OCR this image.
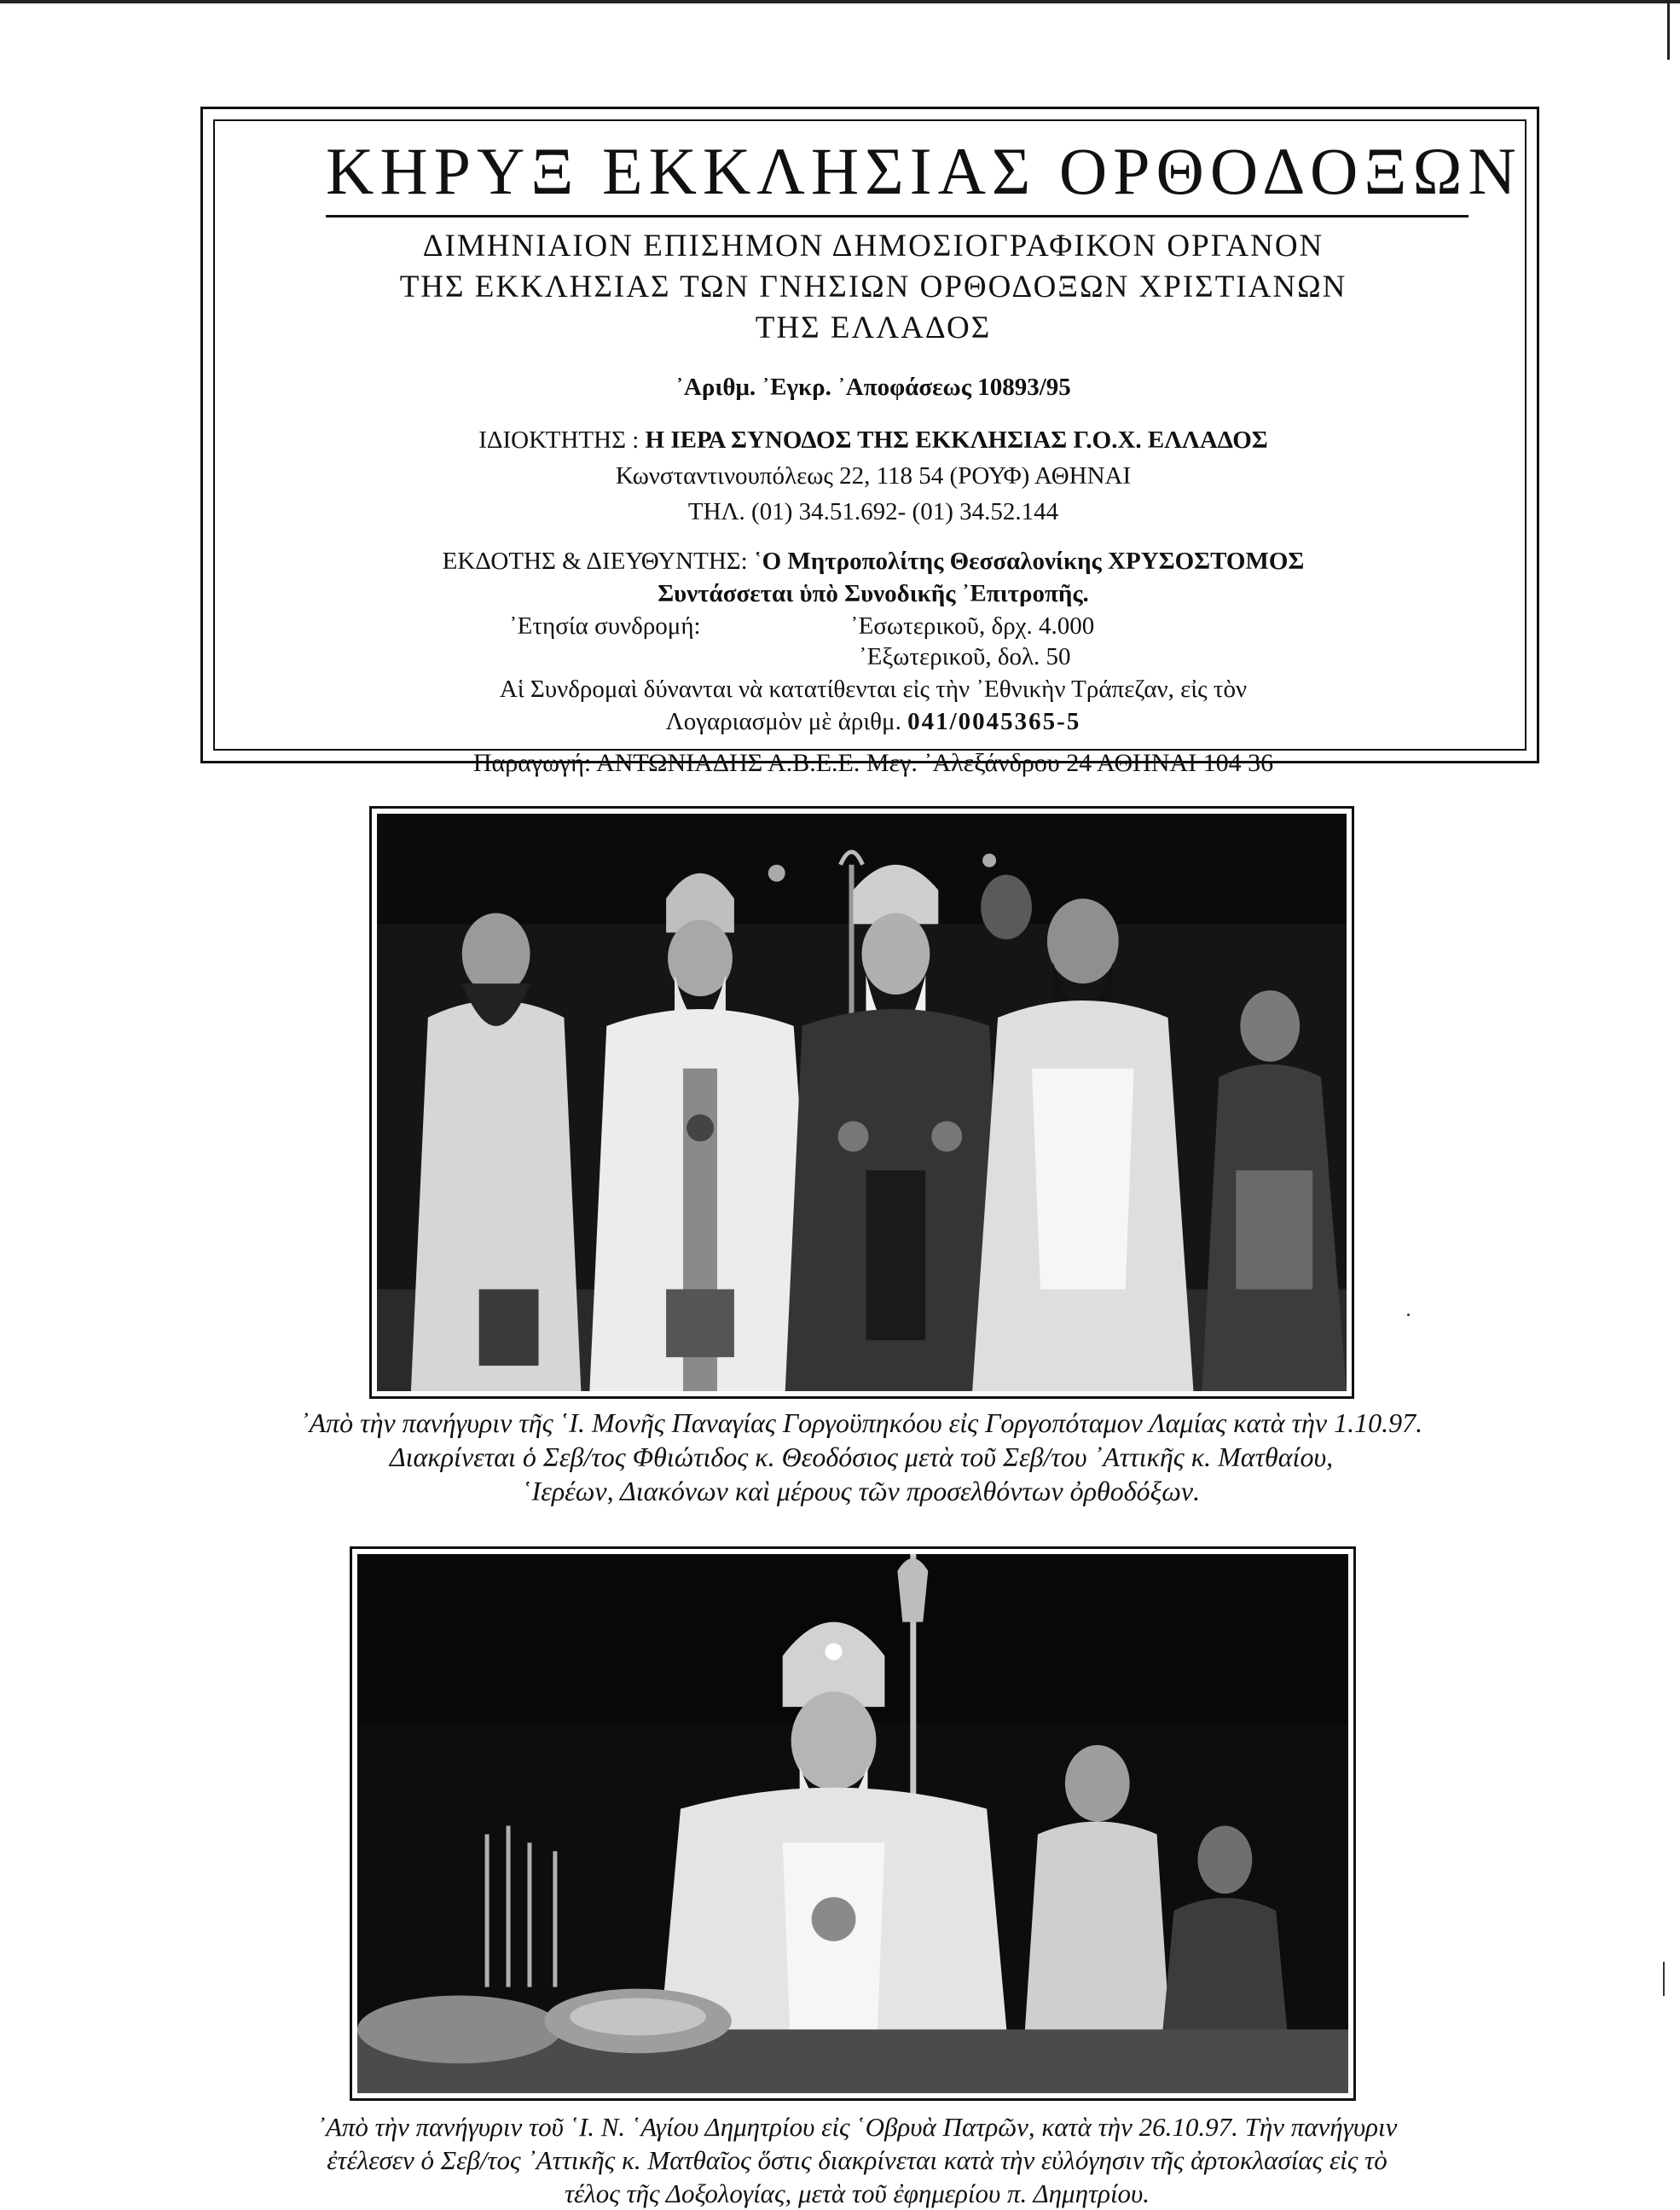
ΚΗΡΥΞ ΕΚΚΛΗΣΙΑΣ ΟΡΘΟΔΟΞΩΝ
ΔΙΜΗΝΙΑΙΟΝ ΕΠΙΣΗΜΟΝ ΔΗΜΟΣΙΟΓΡΑΦΙΚΟΝ ΟΡΓΑΝΟΝ
ΤΗΣ ΕΚΚΛΗΣΙΑΣ ΤΩΝ ΓΝΗΣΙΩΝ ΟΡΘΟΔΟΞΩΝ ΧΡΙΣΤΙΑΝΩΝ
ΤΗΣ ΕΛΛΑΔΟΣ
᾿Αριθμ. ᾿Εγκρ. ᾿Αποφάσεως 10893/95
ΙΔΙΟΚΤΗΤΗΣ : Η ΙΕΡΑ ΣΥΝΟΔΟΣ ΤΗΣ ΕΚΚΛΗΣΙΑΣ Γ.Ο.Χ. ΕΛΛΑΔΟΣ
Κωνσταντινουπόλεως 22, 118 54 (ΡΟΥΦ) ΑΘΗΝΑΙ
ΤΗΛ. (01) 34.51.692- (01) 34.52.144
ΕΚΔΟΤΗΣ & ΔΙΕΥΘΥΝΤΗΣ: ῾Ο Μητροπολίτης Θεσσαλονίκης ΧΡΥΣΟΣΤΟΜΟΣ
Συντάσσεται ὑπὸ Συνοδικῆς ᾿Επιτροπῆς.
᾿Ετησία συνδρομή:	᾿Εσωτερικοῦ, δρχ. 4.000
᾿Εξωτερικοῦ, δολ. 50
Αἱ Συνδρομαὶ δύνανται νὰ κατατίθενται εἰς τὴν ᾿Εθνικὴν Τράπεζαν, εἰς τὸν
Λογαριασμὸν μὲ ἀριθμ. 041/0045365-5
Παραγωγή: ΑΝΤΩΝΙΑΔΗΣ Α.Β.Ε.Ε. Μεγ. ᾿Αλεξάνδρου 24 ΑΘΗΝΑΙ 104 36
᾿Απὸ τὴν πανήγυριν τῆς ῾Ι. Μονῆς Παναγίας Γοργοϋπηκόου εἰς Γοργοπόταμον Λαμίας κατὰ τὴν 1.10.97.
Διακρίνεται ὁ Σεβ/τος Φθιώτιδος κ. Θεοδόσιος μετὰ τοῦ Σεβ/του ᾿Αττικῆς κ. Ματθαίου,
῾Ιερέων, Διακόνων καὶ μέρους τῶν προσελθόντων ὀρθοδόξων.
᾿Απὸ τὴν πανήγυριν τοῦ ῾Ι. Ν. ῾Αγίου Δημητρίου εἰς ῾Οβρυὰ Πατρῶν, κατὰ τὴν 26.10.97. Τὴν πανήγυριν
ἐτέλεσεν ὁ Σεβ/τος ᾿Αττικῆς κ. Ματθαῖος ὅστις διακρίνεται κατὰ τὴν εὐλόγησιν τῆς ἀρτοκλασίας εἰς τὸ
τέλος τῆς Δοξολογίας, μετὰ τοῦ ἐφημερίου π. Δημητρίου.
